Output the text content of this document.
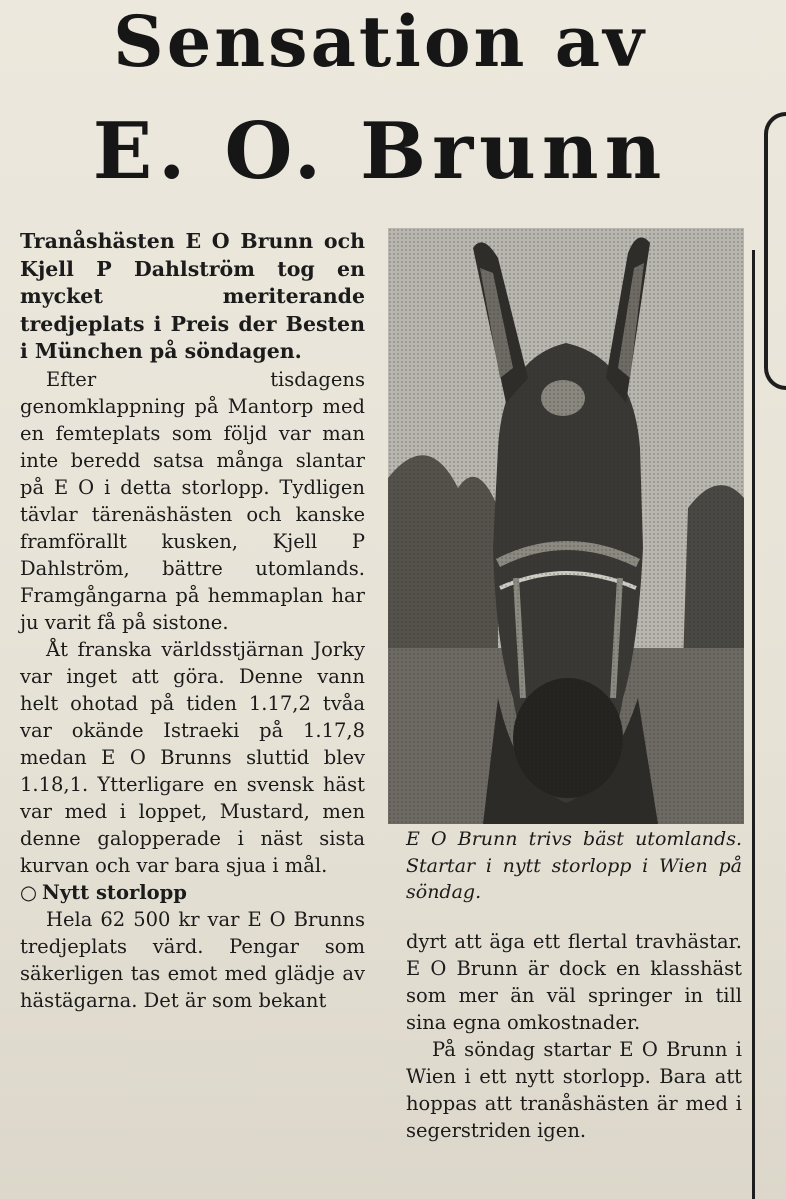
Sensation av
E. O. Brunn

Tranåshästen E O Brunn och Kjell P Dahlström tog en mycket meriterande tredjeplats i Preis der Besten i München på söndagen.

Efter tisdagens genomklappning på Mantorp med en femteplats som följd var man inte beredd satsa många slantar på E O i detta storlopp. Tydligen tävlar tärenäshästen och kanske framförallt kusken, Kjell P Dahlström, bättre utomlands. Framgångarna på hemmaplan har ju varit få på sistone.

Åt franska världsstjärnan Jorky var inget att göra. Denne vann helt ohotad på tiden 1.17,2 tvåa var okände Istraeki på 1.17,8 medan E O Brunns sluttid blev 1.18,1. Ytterligare en svensk häst var med i loppet, Mustard, men denne galopperade i näst sista kurvan och var bara sjua i mål.

○ Nytt storlopp

Hela 62 500 kr var E O Brunns tredjeplats värd. Pengar som säkerligen tas emot med glädje av hästägarna. Det är som bekant

E O Brunn trivs bäst utomlands. Startar i nytt storlopp i Wien på söndag.

dyrt att äga ett flertal travhästar. E O Brunn är dock en klasshäst som mer än väl springer in till sina egna omkostnader.

På söndag startar E O Brunn i Wien i ett nytt storlopp. Bara att hoppas att tranåshästen är med i segerstriden igen.
